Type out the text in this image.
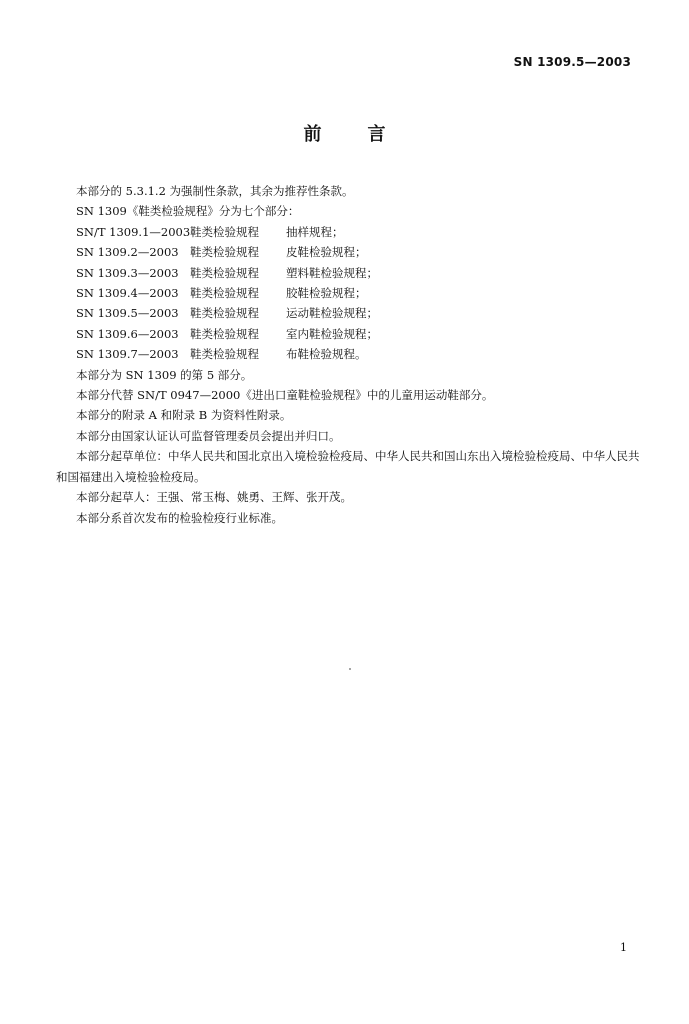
SN 1309.5—2003
前言

本部分的 5.3.1.2 为强制性条款，其余为推荐性条款。

SN 1309《鞋类检验规程》分为七个部分：

SN/T 1309.1—2003鞋类检验规程 抽样规程；

SN 1309.2—2003 鞋类检验规程 皮鞋检验规程；

SN 1309.3—2003 鞋类检验规程 塑料鞋检验规程；

SN 1309.4—2003 鞋类检验规程 胶鞋检验规程；

SN 1309.5—2003 鞋类检验规程 运动鞋检验规程；

SN 1309.6—2003 鞋类检验规程 室内鞋检验规程；

SN 1309.7—2003 鞋类检验规程 布鞋检验规程。

本部分为 SN 1309 的第 5 部分。

本部分代替 SN/T 0947—2000《进出口童鞋检验规程》中的儿童用运动鞋部分。

本部分的附录 A 和附录 B 为资料性附录。

本部分由国家认证认可监督管理委员会提出并归口。

本部分起草单位：中华人民共和国北京出入境检验检疫局、中华人民共和国山东出入境检验检疫局、中华人民共和国福建出入境检验检疫局。

本部分起草人：王强、常玉梅、姚勇、王辉、张开茂。

本部分系首次发布的检验检疫行业标准。

1
